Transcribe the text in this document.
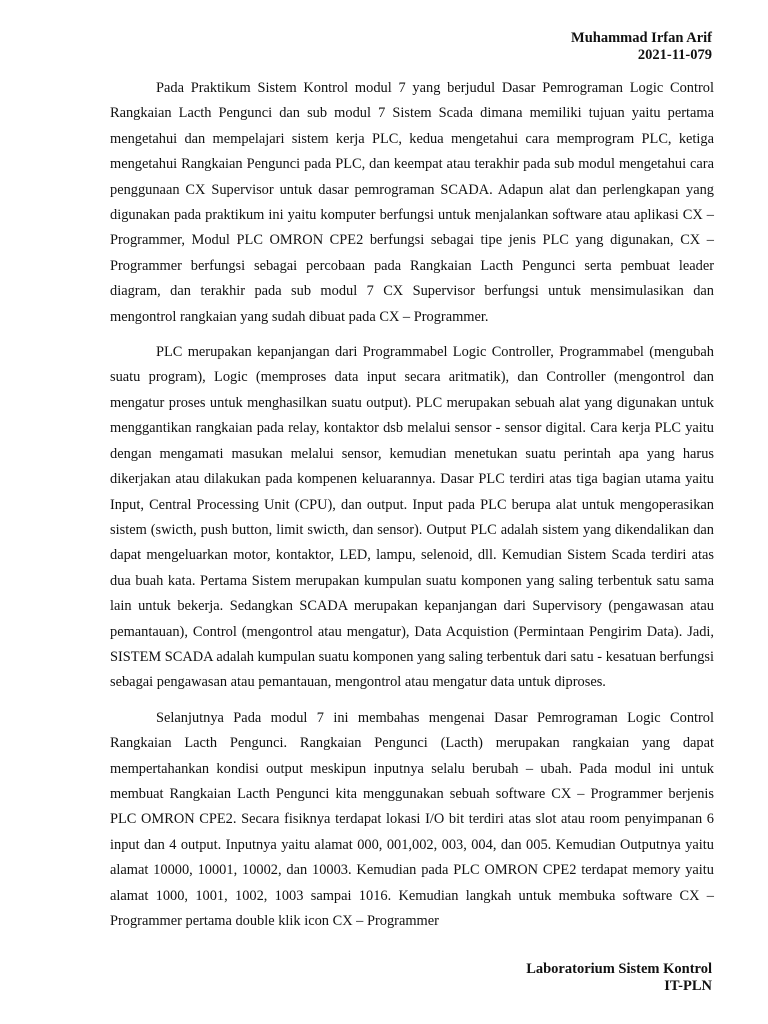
Muhammad Irfan Arif
2021-11-079

Pada Praktikum Sistem Kontrol modul 7 yang berjudul Dasar Pemrograman Logic Control Rangkaian Lacth Pengunci dan sub modul 7 Sistem Scada dimana memiliki tujuan yaitu pertama mengetahui dan mempelajari sistem kerja PLC, kedua mengetahui cara memprogram PLC, ketiga mengetahui Rangkaian Pengunci pada PLC, dan keempat atau terakhir pada sub modul mengetahui cara penggunaan CX Supervisor untuk dasar pemrograman SCADA. Adapun alat dan perlengkapan yang digunakan pada praktikum ini yaitu komputer berfungsi untuk menjalankan software atau aplikasi CX – Programmer, Modul PLC OMRON CPE2 berfungsi sebagai tipe jenis PLC yang digunakan, CX – Programmer berfungsi sebagai percobaan pada Rangkaian Lacth Pengunci serta pembuat leader diagram, dan terakhir pada sub modul 7 CX Supervisor berfungsi untuk mensimulasikan dan mengontrol rangkaian yang sudah dibuat pada CX – Programmer.

PLC merupakan kepanjangan dari Programmabel Logic Controller, Programmabel (mengubah suatu program), Logic (memproses data input secara aritmatik), dan Controller (mengontrol dan mengatur proses untuk menghasilkan suatu output). PLC merupakan sebuah alat yang digunakan untuk menggantikan rangkaian pada relay, kontaktor dsb melalui sensor - sensor digital. Cara kerja PLC yaitu dengan mengamati masukan melalui sensor, kemudian menetukan suatu perintah apa yang harus dikerjakan atau dilakukan pada kompenen keluarannya. Dasar PLC terdiri atas tiga bagian utama yaitu Input, Central Processing Unit (CPU), dan output. Input pada PLC berupa alat untuk mengoperasikan sistem (swicth, push button, limit swicth, dan sensor). Output PLC adalah sistem yang dikendalikan dan dapat mengeluarkan motor, kontaktor, LED, lampu, selenoid, dll. Kemudian Sistem Scada terdiri atas dua buah kata. Pertama Sistem merupakan kumpulan suatu komponen yang saling terbentuk satu sama lain untuk bekerja. Sedangkan SCADA merupakan kepanjangan dari Supervisory (pengawasan atau pemantauan), Control (mengontrol atau mengatur), Data Acquistion (Permintaan Pengirim Data). Jadi, SISTEM SCADA adalah kumpulan suatu komponen yang saling terbentuk dari satu - kesatuan berfungsi sebagai pengawasan atau pemantauan, mengontrol atau mengatur data untuk diproses.

Selanjutnya Pada modul 7 ini membahas mengenai Dasar Pemrograman Logic Control Rangkaian Lacth Pengunci. Rangkaian Pengunci (Lacth) merupakan rangkaian yang dapat mempertahankan kondisi output meskipun inputnya selalu berubah – ubah. Pada modul ini untuk membuat Rangkaian Lacth Pengunci kita menggunakan sebuah software CX – Programmer berjenis PLC OMRON CPE2. Secara fisiknya terdapat lokasi I/O bit terdiri atas slot atau room penyimpanan 6 input dan 4 output. Inputnya yaitu alamat 000, 001,002, 003, 004, dan 005. Kemudian Outputnya yaitu alamat 10000, 10001, 10002, dan 10003. Kemudian pada PLC OMRON CPE2 terdapat memory yaitu alamat 1000, 1001, 1002, 1003 sampai 1016. Kemudian langkah untuk membuka software CX – Programmer pertama double klik icon CX – Programmer

Laboratorium Sistem Kontrol
IT-PLN
